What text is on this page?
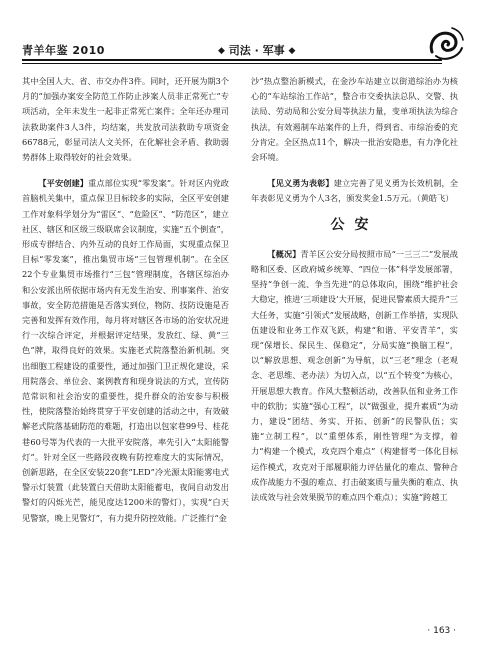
青羊年鉴 2010	◆ 司法 · 军事 ◆

其中全国人大、省、市交办件3件。同时，还开展为期3个月的“加强办案安全防范工作防止涉案人员非正常死亡”专项活动，全年未发生一起非正常死亡案件；全年还办理司法救助案件3人3件，均结案，共发放司法救助专项资金66788元，彰显司法人文关怀，在化解社会矛盾、救助弱势群体上取得较好的社会效果。

【平安创建】重点部位实现“零发案”。针对区内党政首脑机关集中，重点保卫目标较多的实际，全区平安创建工作对象科学划分为“雷区”、“危险区”、“防范区”，建立社区、辖区和区级三级联席会议制度，实施“五个倒查”，形成专群结合、内外互动的良好工作局面，实现重点保卫目标“零发案”，推出集贸市场“三包管理机制”。在全区22个专业集贸市场推行“三包”管理制度，各辖区综治办和公安派出所依据市场内有无发生治安、刑事案件、治安事故，安全防范措施是否落实到位，物防、技防设施是否完善和发挥有效作用，每月将对辖区各市场的治安状况进行一次综合评定，并根据评定结果，发放红、绿、黄“三色”牌，取得良好的效果。实施老式院落整治新机制。突出细胞工程建设的重要性，通过加强门卫正规化建设，采用院落会、单位会、案例教育和现身说法的方式，宣传防范常识和社会治安的重要性，提升群众的治安参与积极性，使院落整治始终贯穿于平安创建的活动之中，有效破解老式院落基础防范的难题，打造出以包家巷99号、桂花巷60号等为代表的一大批平安院落，率先引入“太阳能警灯”。针对全区一些路段夜晚有防控难度大的实际情况，创新思路，在全区安装220套“LED”冷光源太阳能雾电式警示灯装置（此装置白天借助太阳能蓄电，夜间自动发出警灯的闪烁光芒，能见度达1200米的警灯），实现“白天见警察，晚上见警灯”，有力提升防控效能。广泛推行“金

沙”热点整治新模式，在金沙车站建立以街道综治办为核心的“车站综治工作站”，整合市交委执法总队、交警、执法局、劳动局和公安分局等执法力量，变单项执法为综合执法，有效遏制车站案件的上升，得到省、市综治委的充分肯定。全区热点11个，解决一批治安隐患，有力净化社会环境。

【见义勇为表彰】建立完善了见义勇为长效机制，全年表彰见义勇为个人3名，颁发奖金1.5万元。（黄皓飞）

公安

【概况】青羊区公安分局按照市局“一三三二”发展战略和区委、区政府城乡统筹、“四位一体”科学发展部署，坚持“争创一流、争当先进”的总体取向，围绕“维护社会大稳定，推进‘三项建设’大开展，促进民警素质大提升”三大任务，实施“引领式”发展战略，创新工作举措，实现队伍建设和业务工作双飞跃，构建“和谐、平安青羊”，实现“保增长、保民生、保稳定”，分局实施“换脑工程”，以“解放思想、观念创新”为导航，以“三老”理念（老观念、老思维、老办法）为切入点，以“五个转变”为核心，开展思想大教育。作风大整顿活动，改善队伍和业务工作中的软肋；实施“强心工程”，以“做强业，提升素质”为动力，建设“团结、务实、开拓、创新”的民警队伍；实施“立制工程”，以“重塑体系，刚性管理”为支撑，着力“构建一个模式，攻克四个难点”（构建督考一体化目标运作模式，攻克对于部履职能力评估量化的难点、警种合成作战能力不强的难点、打击破案质与量失衡的难点、执法成效与社会效果脱节的难点四个难点）；实施“跨越工

· 163 ·
